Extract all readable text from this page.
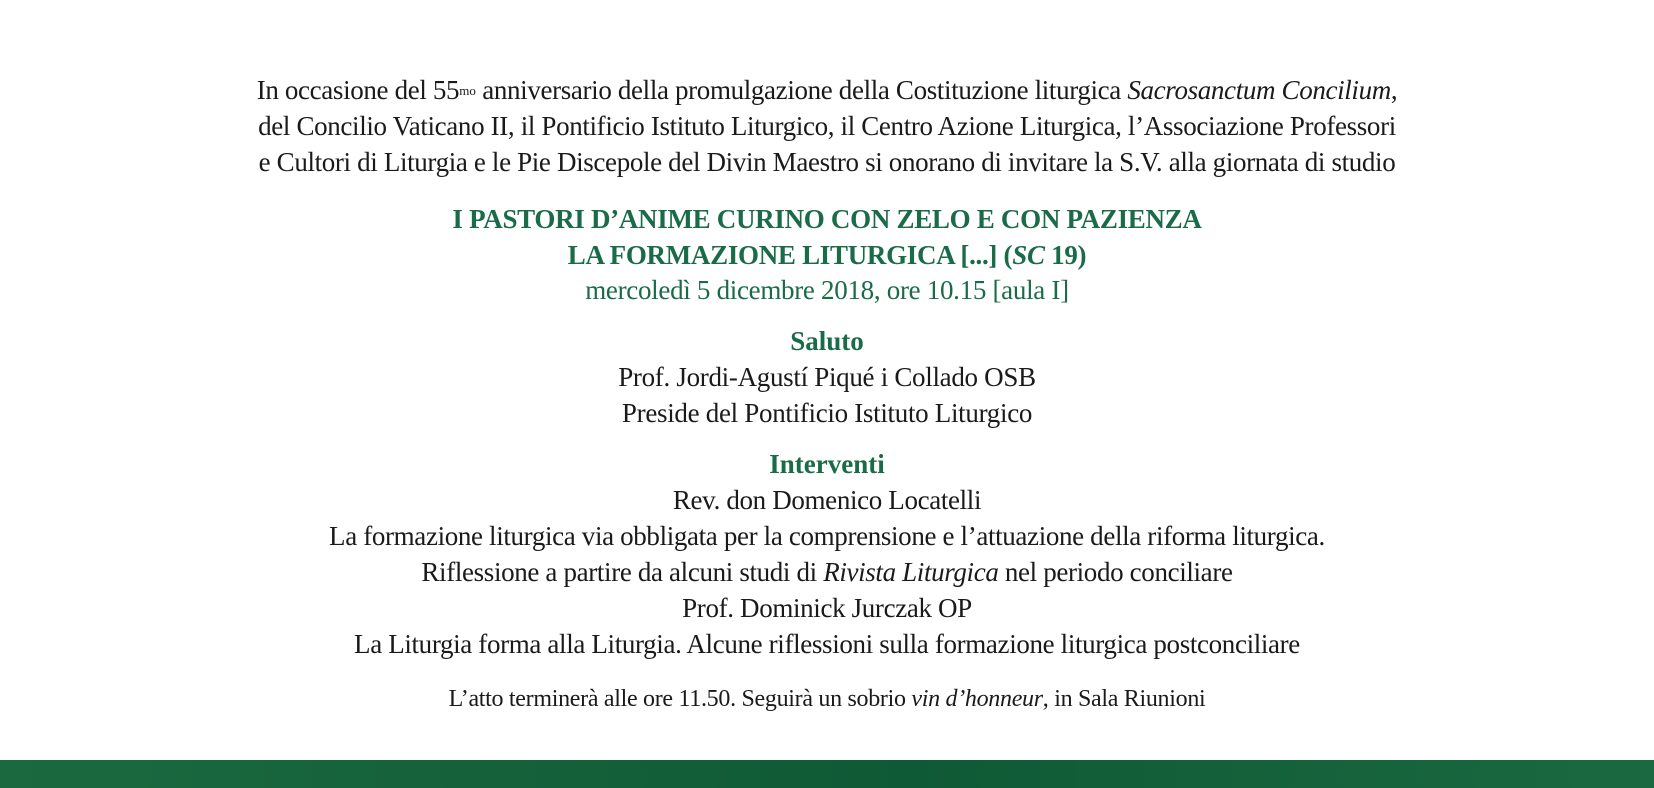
In occasione del $55^{mo}$ anniversario della promulgazione della Costituzione liturgica Sacrosanctum Concilium,
del Concilio Vaticano II, il Pontificio Istituto Liturgico, il Centro Azione Liturgica, l’Associazione Professori
e Cultori di Liturgia e le Pie Discepole del Divin Maestro si onorano di invitare la S.V. alla giornata di studio
I PASTORI D’ANIME CURINO CON ZELO E CON PAZIENZA
LA FORMAZIONE LITURGICA [...] (SC 19)
mercoledì 5 dicembre 2018, ore 10.15 [aula I]
Saluto
Prof. Jordi-Agustí Piqué i Collado OSB
Preside del Pontificio Istituto Liturgico
Interventi
Rev. don Domenico Locatelli
La formazione liturgica via obbligata per la comprensione e l’attuazione della riforma liturgica.
Riflessione a partire da alcuni studi di Rivista Liturgica nel periodo conciliare
Prof. Dominick Jurczak OP
La Liturgia forma alla Liturgia. Alcune riflessioni sulla formazione liturgica postconciliare
L’atto terminerà alle ore 11.50. Seguirà un sobrio vin d’honneur, in Sala Riunioni
